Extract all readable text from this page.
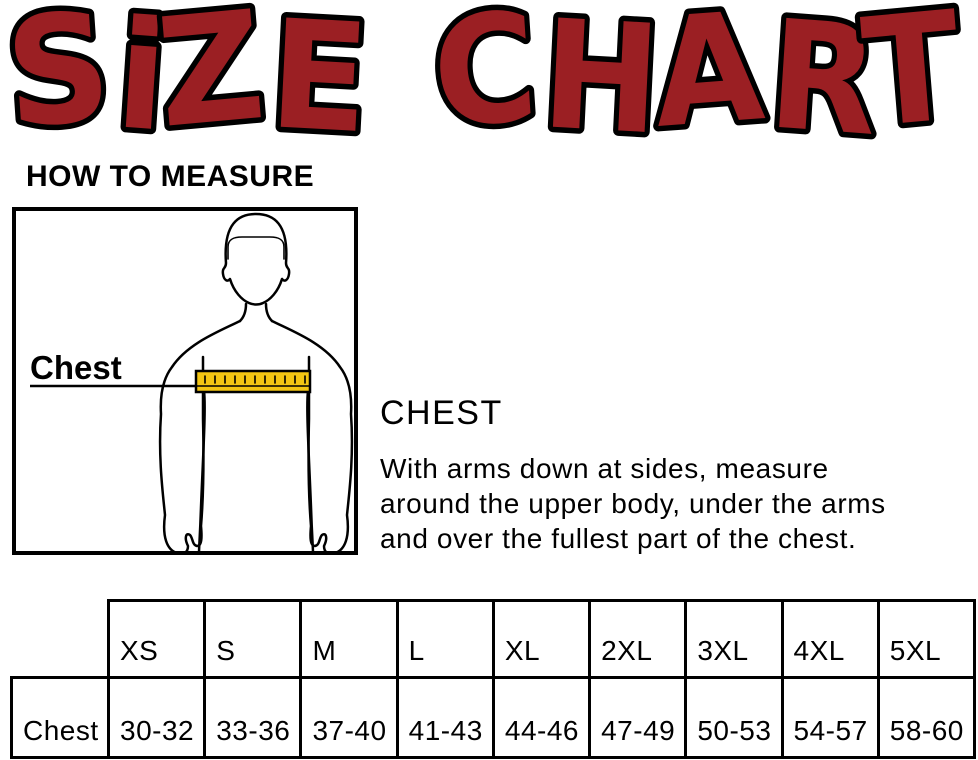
SiZE CHART
HOW TO MEASURE
Chest
CHEST
With arms down at sides, measure
around the upper body, under the arms
and over the fullest part of the chest.
	XS	S	M	L	XL	2XL	3XL	4XL	5XL
Chest	30-32	33-36	37-40	41-43	44-46	47-49	50-53	54-57	58-60
